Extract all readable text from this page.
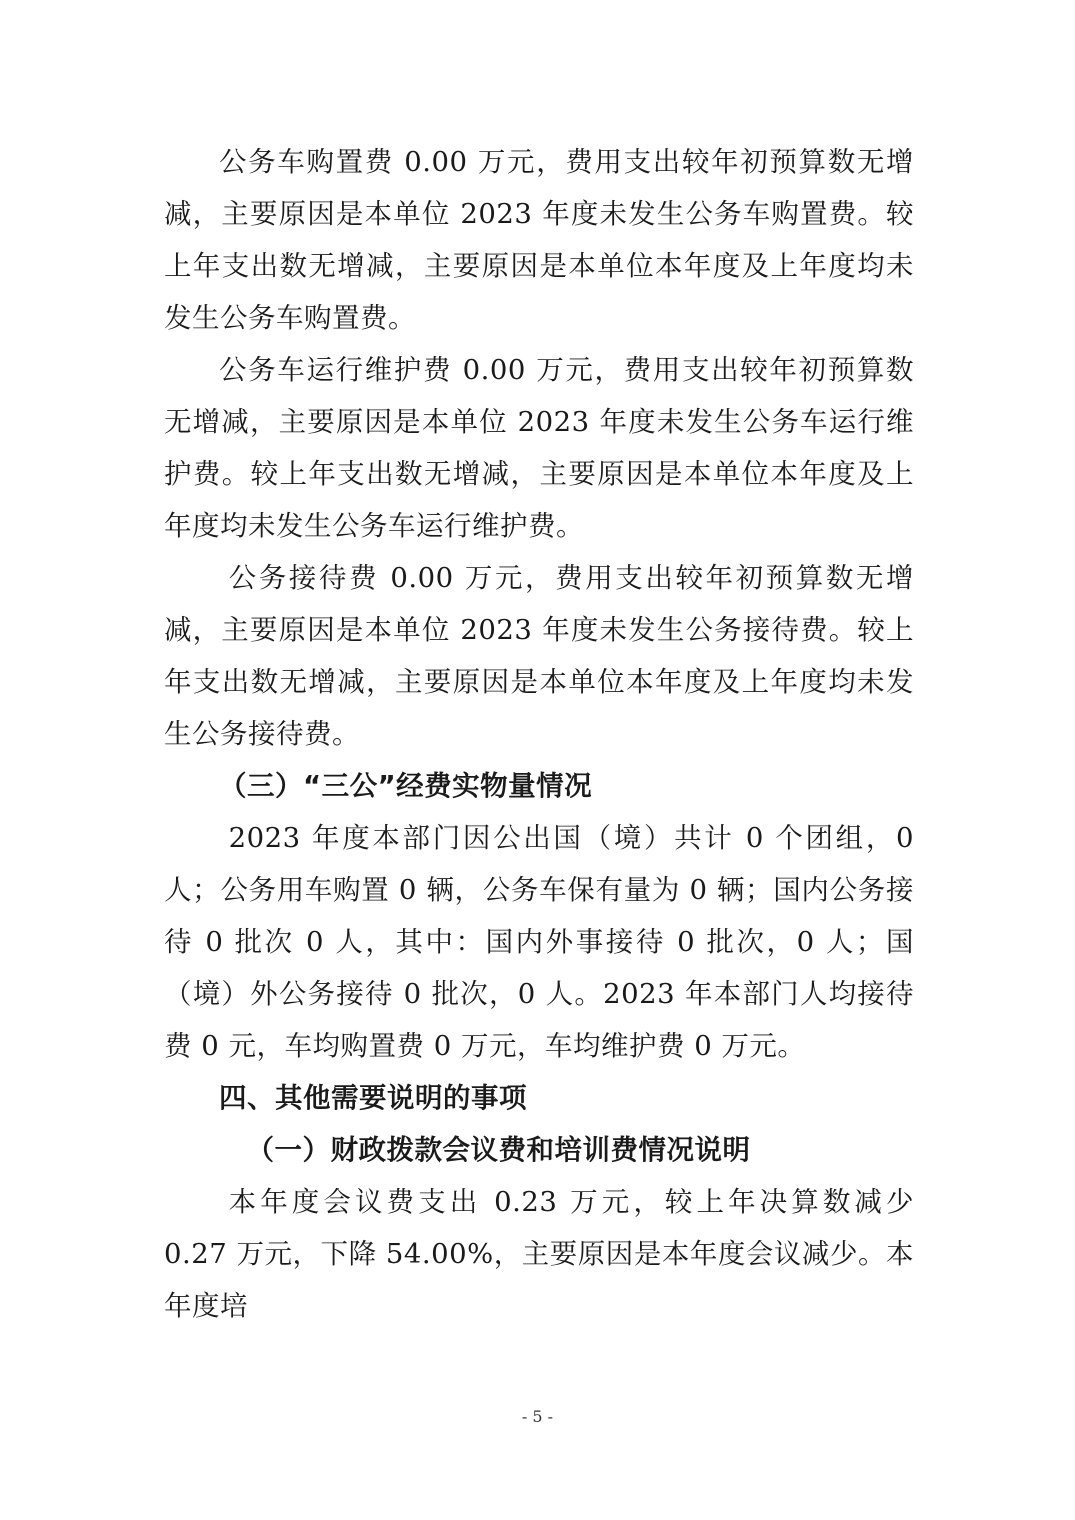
公务车购置费 0.00 万元，费用支出较年初预算数无增减，主要原因是本单位 2023 年度未发生公务车购置费。较上年支出数无增减，主要原因是本单位本年度及上年度均未发生公务车购置费。

公务车运行维护费 0.00 万元，费用支出较年初预算数无增减，主要原因是本单位 2023 年度未发生公务车运行维护费。较上年支出数无增减，主要原因是本单位本年度及上年度均未发生公务车运行维护费。

公务接待费 0.00 万元，费用支出较年初预算数无增减，主要原因是本单位 2023 年度未发生公务接待费。较上年支出数无增减，主要原因是本单位本年度及上年度均未发生公务接待费。

（三）“三公”经费实物量情况

2023 年度本部门因公出国（境）共计 0 个团组，0 人；公务用车购置 0 辆，公务车保有量为 0 辆；国内公务接待 0 批次 0 人，其中：国内外事接待 0 批次，0 人；国（境）外公务接待 0 批次，0 人。2023 年本部门人均接待费 0 元，车均购置费 0 万元，车均维护费 0 万元。

四、其他需要说明的事项

（一）财政拨款会议费和培训费情况说明

本年度会议费支出 0.23 万元，较上年决算数减少 0.27 万元，下降 54.00%，主要原因是本年度会议减少。本年度培

- 5 -
